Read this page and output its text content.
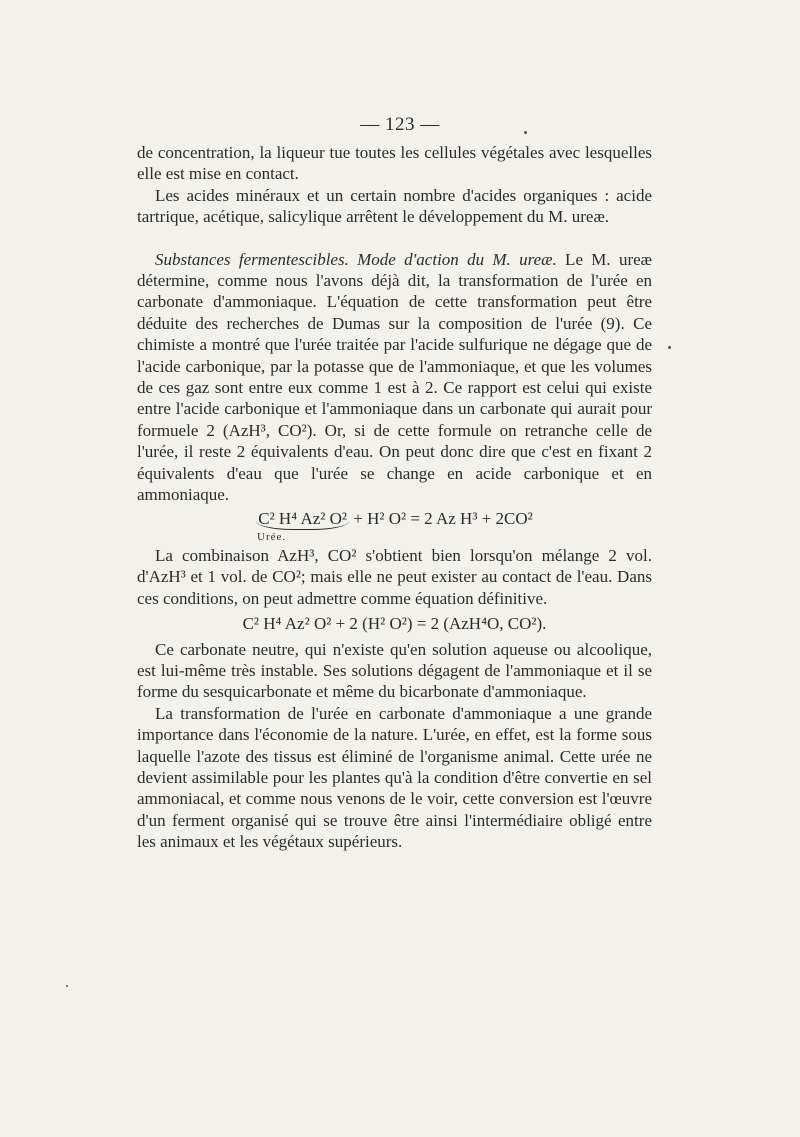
— 123 —

de concentration, la liqueur tue toutes les cellules végétales avec lesquelles elle est mise en contact.

Les acides minéraux et un certain nombre d'acides organiques : acide tartrique, acétique, salicylique arrêtent le développement du M. ureæ.

Substances fermentescibles. Mode d'action du M. ureæ. Le M. ureæ détermine, comme nous l'avons déjà dit, la transformation de l'urée en carbonate d'ammoniaque. L'équation de cette transformation peut être déduite des recherches de Dumas sur la composition de l'urée (9). Ce chimiste a montré que l'urée traitée par l'acide sulfurique ne dégage que de l'acide carbonique, par la potasse que de l'ammoniaque, et que les volumes de ces gaz sont entre eux comme 1 est à 2. Ce rapport est celui qui existe entre l'acide carbonique et l'ammoniaque dans un carbonate qui aurait pour formuele 2 (AzH³, CO²). Or, si de cette formule on retranche celle de l'urée, il reste 2 équivalents d'eau. On peut donc dire que c'est en fixant 2 équivalents d'eau que l'urée se change en acide carbonique et en ammoniaque.

C² H⁴ Az² O² + H² O² = 2 Az H³ + 2CO²
Urée.

La combinaison AzH³, CO² s'obtient bien lorsqu'on mélange 2 vol. d'AzH³ et 1 vol. de CO²; mais elle ne peut exister au contact de l'eau. Dans ces conditions, on peut admettre comme équation définitive.

C² H⁴ Az² O² + 2 (H² O²) = 2 (AzH⁴O, CO²).

Ce carbonate neutre, qui n'existe qu'en solution aqueuse ou alcoolique, est lui-même très instable. Ses solutions dégagent de l'ammoniaque et il se forme du sesquicarbonate et même du bicarbonate d'ammoniaque.

La transformation de l'urée en carbonate d'ammoniaque a une grande importance dans l'économie de la nature. L'urée, en effet, est la forme sous laquelle l'azote des tissus est éliminé de l'organisme animal. Cette urée ne devient assimilable pour les plantes qu'à la condition d'être convertie en sel ammoniacal, et comme nous venons de le voir, cette conversion est l'œuvre d'un ferment organisé qui se trouve être ainsi l'intermédiaire obligé entre les animaux et les végétaux supérieurs.
